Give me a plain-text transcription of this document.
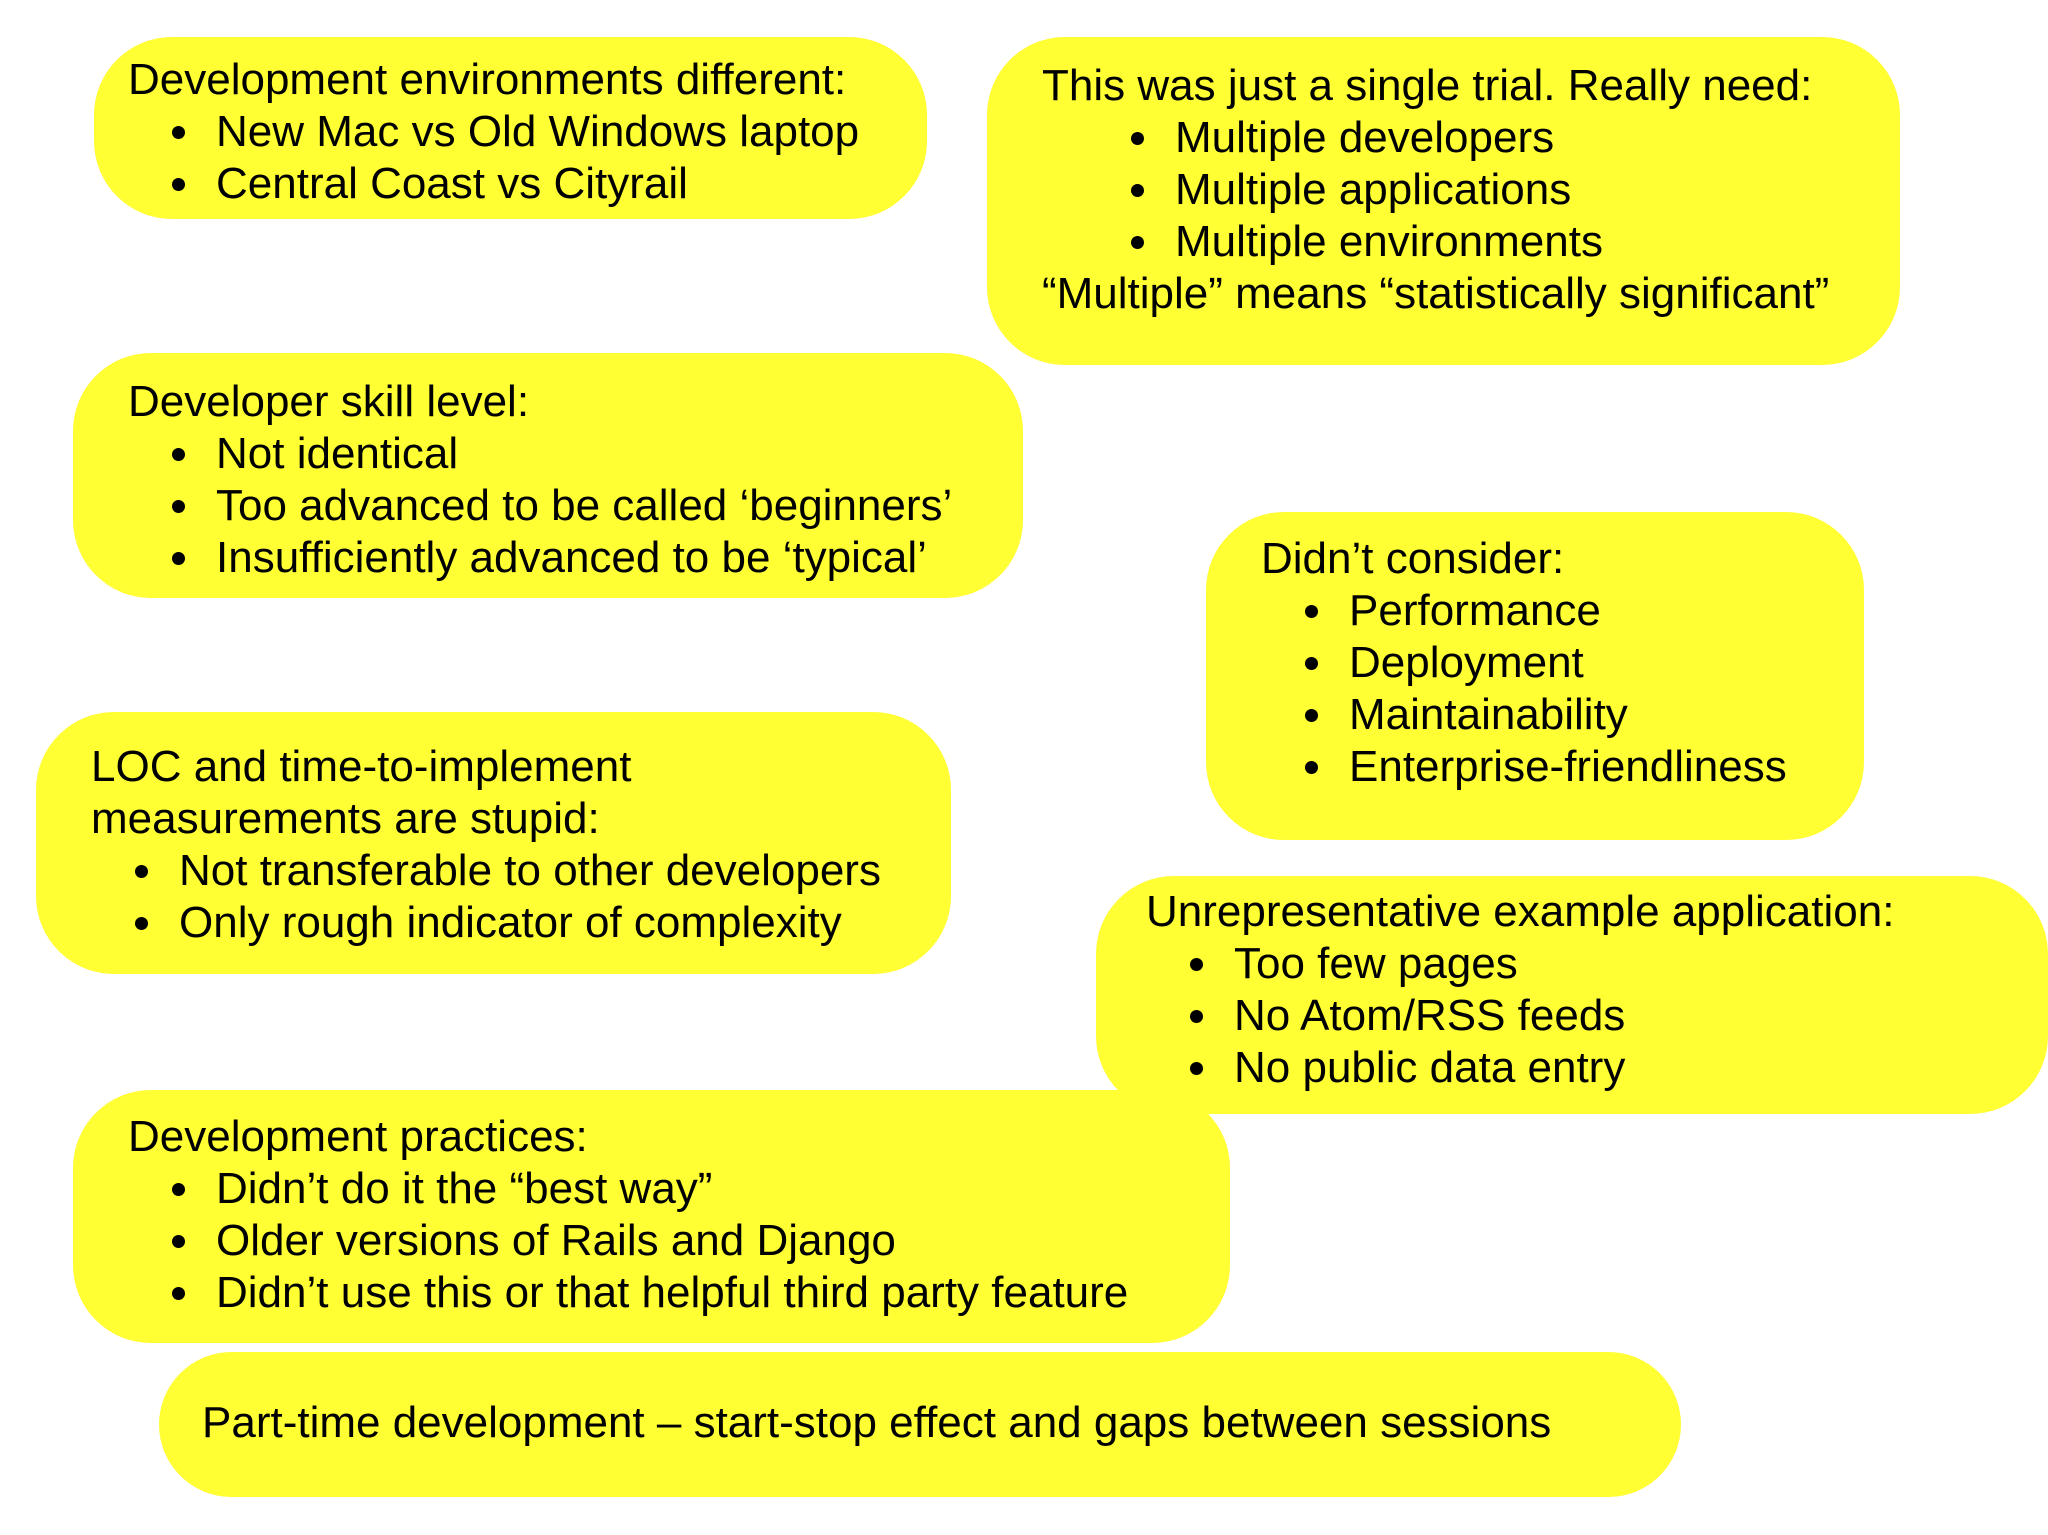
Development environments different:

New Mac vs Old Windows laptop
Central Coast vs Cityrail

This was just a single trial. Really need:

Multiple developers
Multiple applications
Multiple environments

“Multiple” means “statistically significant”

Developer skill level:

Not identical
Too advanced to be called ‘beginners’
Insufficiently advanced to be ‘typical’	Didn’t consider:

Performance
Deployment
Maintainability
Enterprise-friendliness

LOC and time-to-implement

measurements are stupid:

Not transferable to other developers
Only rough indicator of complexity	Unrepresentative example application:

Too few pages
No Atom/RSS feeds
No public data entry

Development practices:

Didn’t do it the “best way”
Older versions of Rails and Django
Didn’t use this or that helpful third party feature

Part-time development – start-stop effect and gaps between sessions
